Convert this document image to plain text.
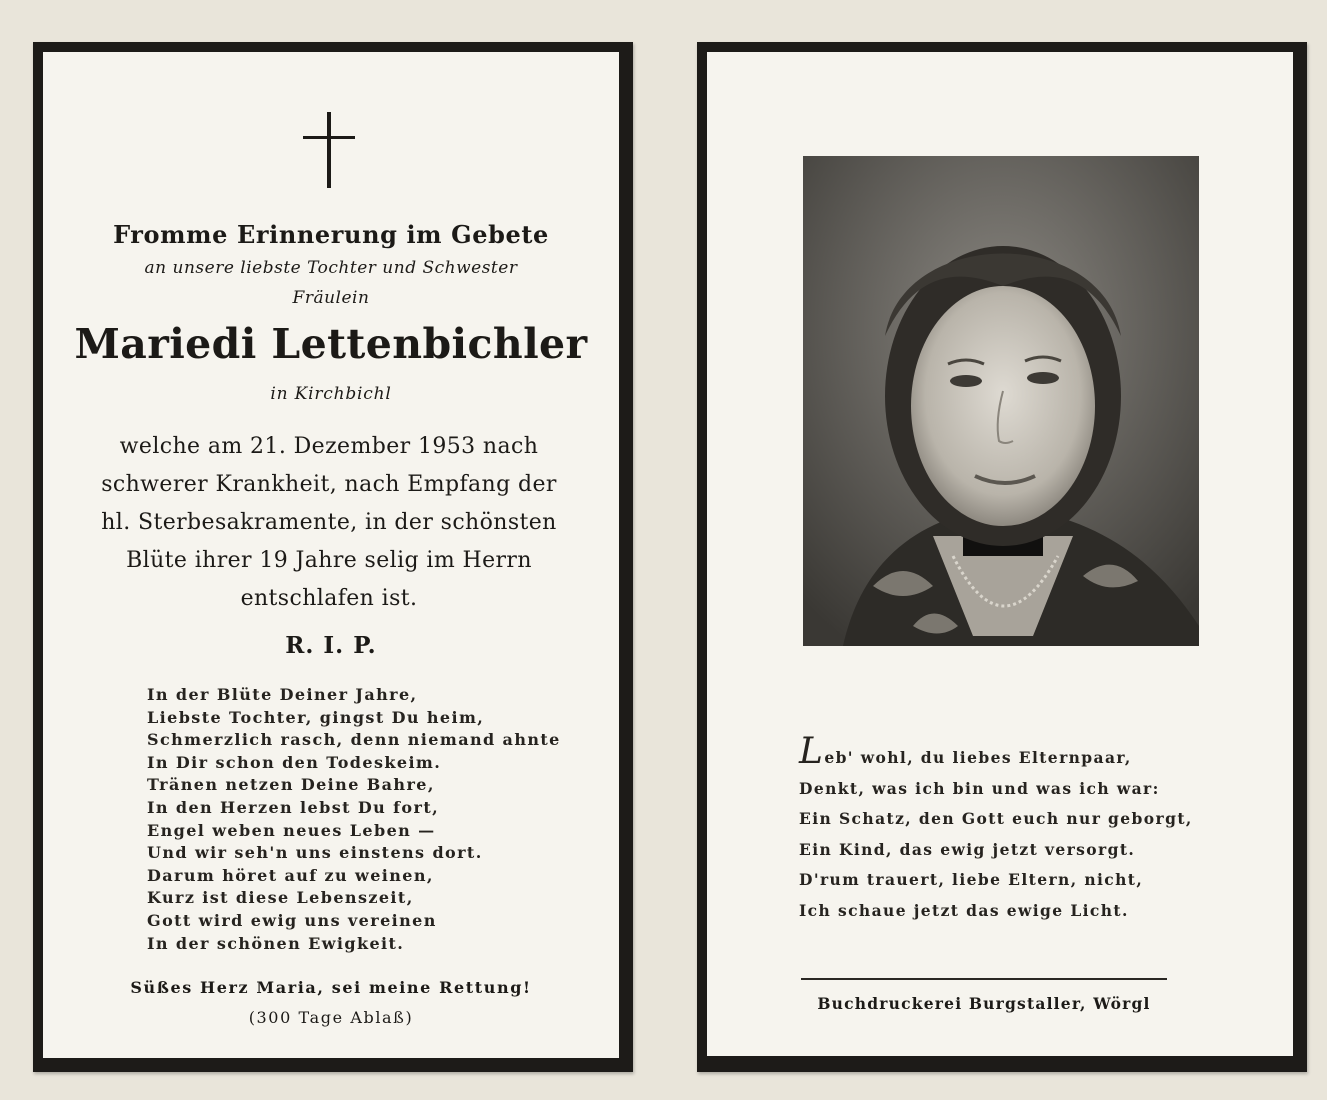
Fromme Erinnerung im Gebete
an unsere liebste Tochter und Schwester
Fräulein
Mariedi Lettenbichler
in Kirchbichl
welche am 21. Dezember 1953 nach
schwerer Krankheit, nach Empfang der
hl. Sterbesakramente, in der schönsten
Blüte ihrer 19 Jahre selig im Herrn
entschlafen ist.
R. I. P.
In der Blüte Deiner Jahre,
Liebste Tochter, gingst Du heim,
Schmerzlich rasch, denn niemand ahnte
In Dir schon den Todeskeim.
Tränen netzen Deine Bahre,
In den Herzen lebst Du fort,
Engel weben neues Leben —
Und wir seh'n uns einstens dort.
Darum höret auf zu weinen,
Kurz ist diese Lebenszeit,
Gott wird ewig uns vereinen
In der schönen Ewigkeit.
Süßes Herz Maria, sei meine Rettung!
(300 Tage Ablaß)
Leb' wohl, du liebes Elternpaar,
Denkt, was ich bin und was ich war:
Ein Schatz, den Gott euch nur geborgt,
Ein Kind, das ewig jetzt versorgt.
D'rum trauert, liebe Eltern, nicht,
Ich schaue jetzt das ewige Licht.
Buchdruckerei Burgstaller, Wörgl
